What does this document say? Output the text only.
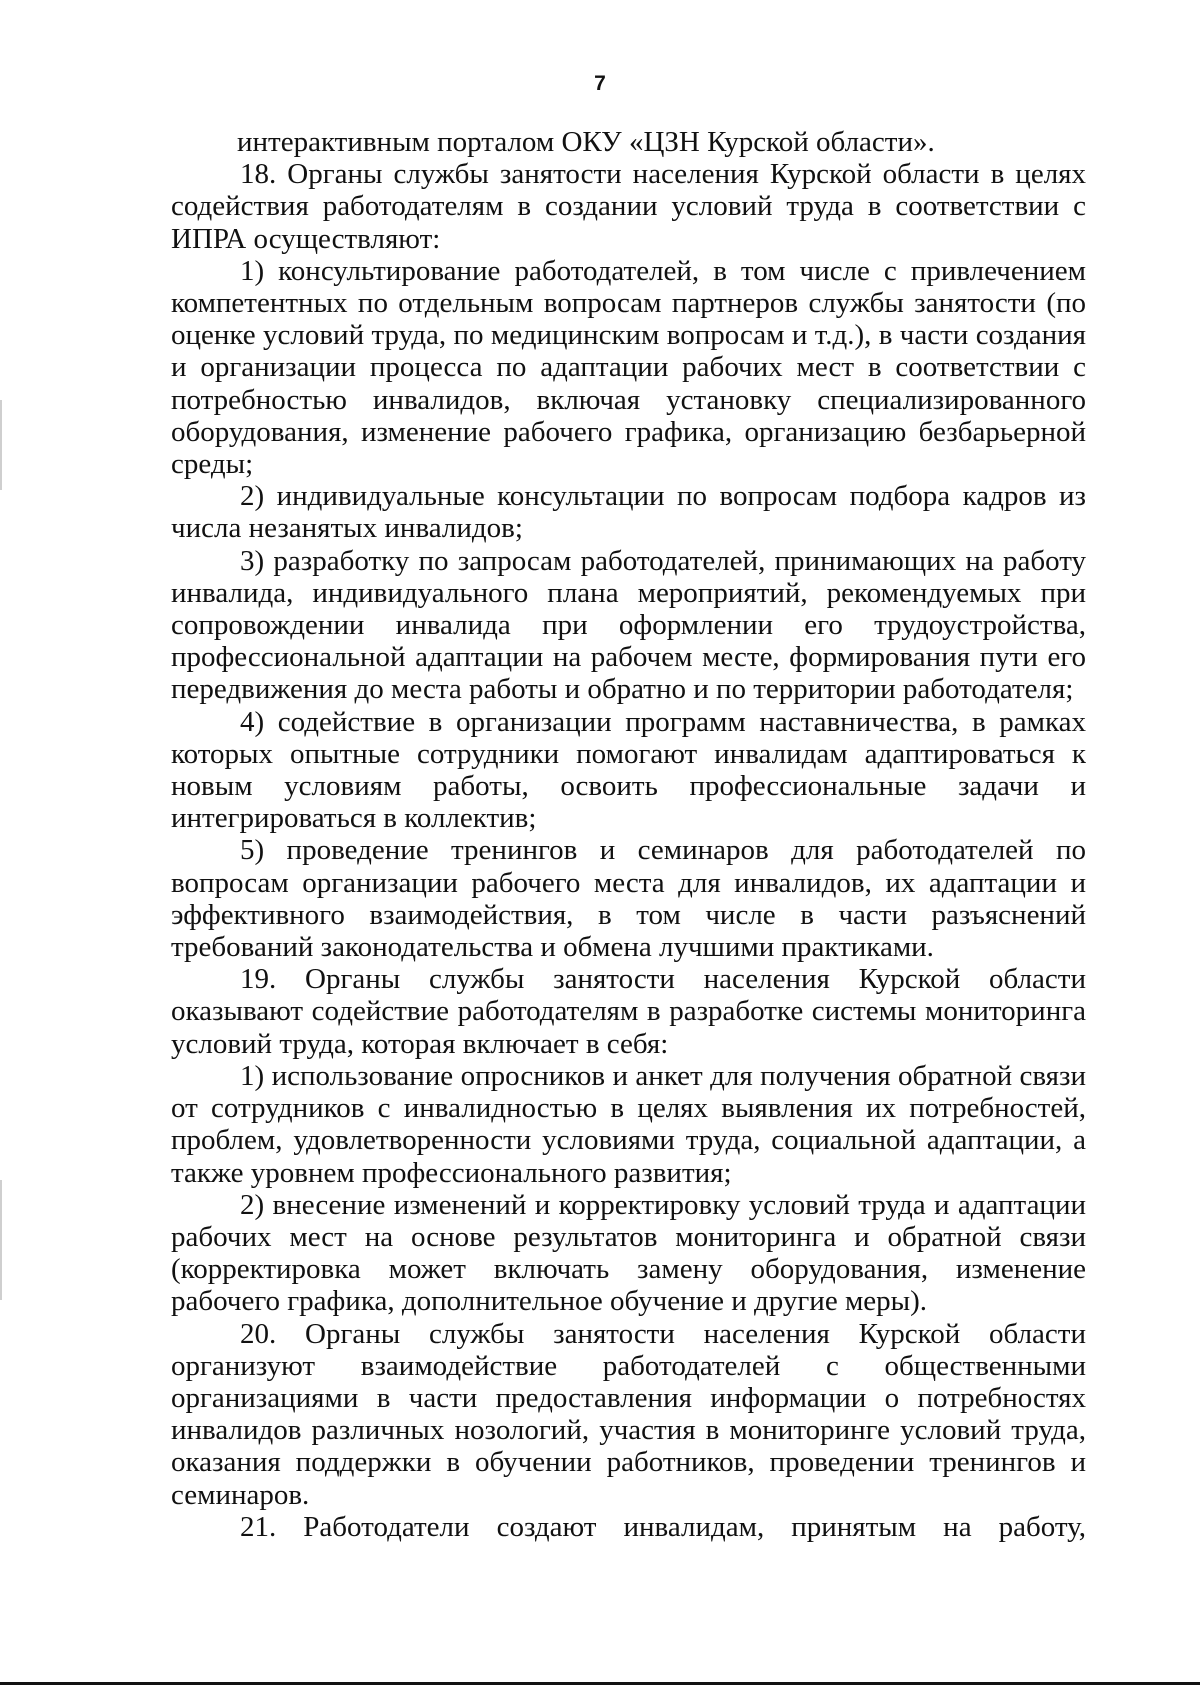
7

интерактивным порталом ОКУ «ЦЗН Курской области».

18. Органы службы занятости населения Курской области в целях содействия работодателям в создании условий труда в соответствии с ИПРА осуществляют:

1) консультирование работодателей, в том числе с привлечением компетентных по отдельным вопросам партнеров службы занятости (по оценке условий труда, по медицинским вопросам и т.д.), в части создания и организации процесса по адаптации рабочих мест в соответствии с потребностью инвалидов, включая установку специализированного оборудования, изменение рабочего графика, организацию безбарьерной среды;

2) индивидуальные консультации по вопросам подбора кадров из числа незанятых инвалидов;

3) разработку по запросам работодателей, принимающих на работу инвалида, индивидуального плана мероприятий, рекомендуемых при сопровождении инвалида при оформлении его трудоустройства, профессиональной адаптации на рабочем месте, формирования пути его передвижения до места работы и обратно и по территории работодателя;

4) содействие в организации программ наставничества, в рамках которых опытные сотрудники помогают инвалидам адаптироваться к новым условиям работы, освоить профессиональные задачи и интегрироваться в коллектив;

5) проведение тренингов и семинаров для работодателей по вопросам организации рабочего места для инвалидов, их адаптации и эффективного взаимодействия, в том числе в части разъяснений требований законодательства и обмена лучшими практиками.

19. Органы службы занятости населения Курской области оказывают содействие работодателям в разработке системы мониторинга условий труда, которая включает в себя:

1) использование опросников и анкет для получения обратной связи от сотрудников с инвалидностью в целях выявления их потребностей, проблем, удовлетворенности условиями труда, социальной адаптации, а также уровнем профессионального развития;

2) внесение изменений и корректировку условий труда и адаптации рабочих мест на основе результатов мониторинга и обратной связи (корректировка может включать замену оборудования, изменение рабочего графика, дополнительное обучение и другие меры).

20. Органы службы занятости населения Курской области организуют взаимодействие работодателей с общественными организациями в части предоставления информации о потребностях инвалидов различных нозологий, участия в мониторинге условий труда, оказания поддержки в обучении работников, проведении тренингов и семинаров.

21. Работодатели создают инвалидам, принятым на работу,
